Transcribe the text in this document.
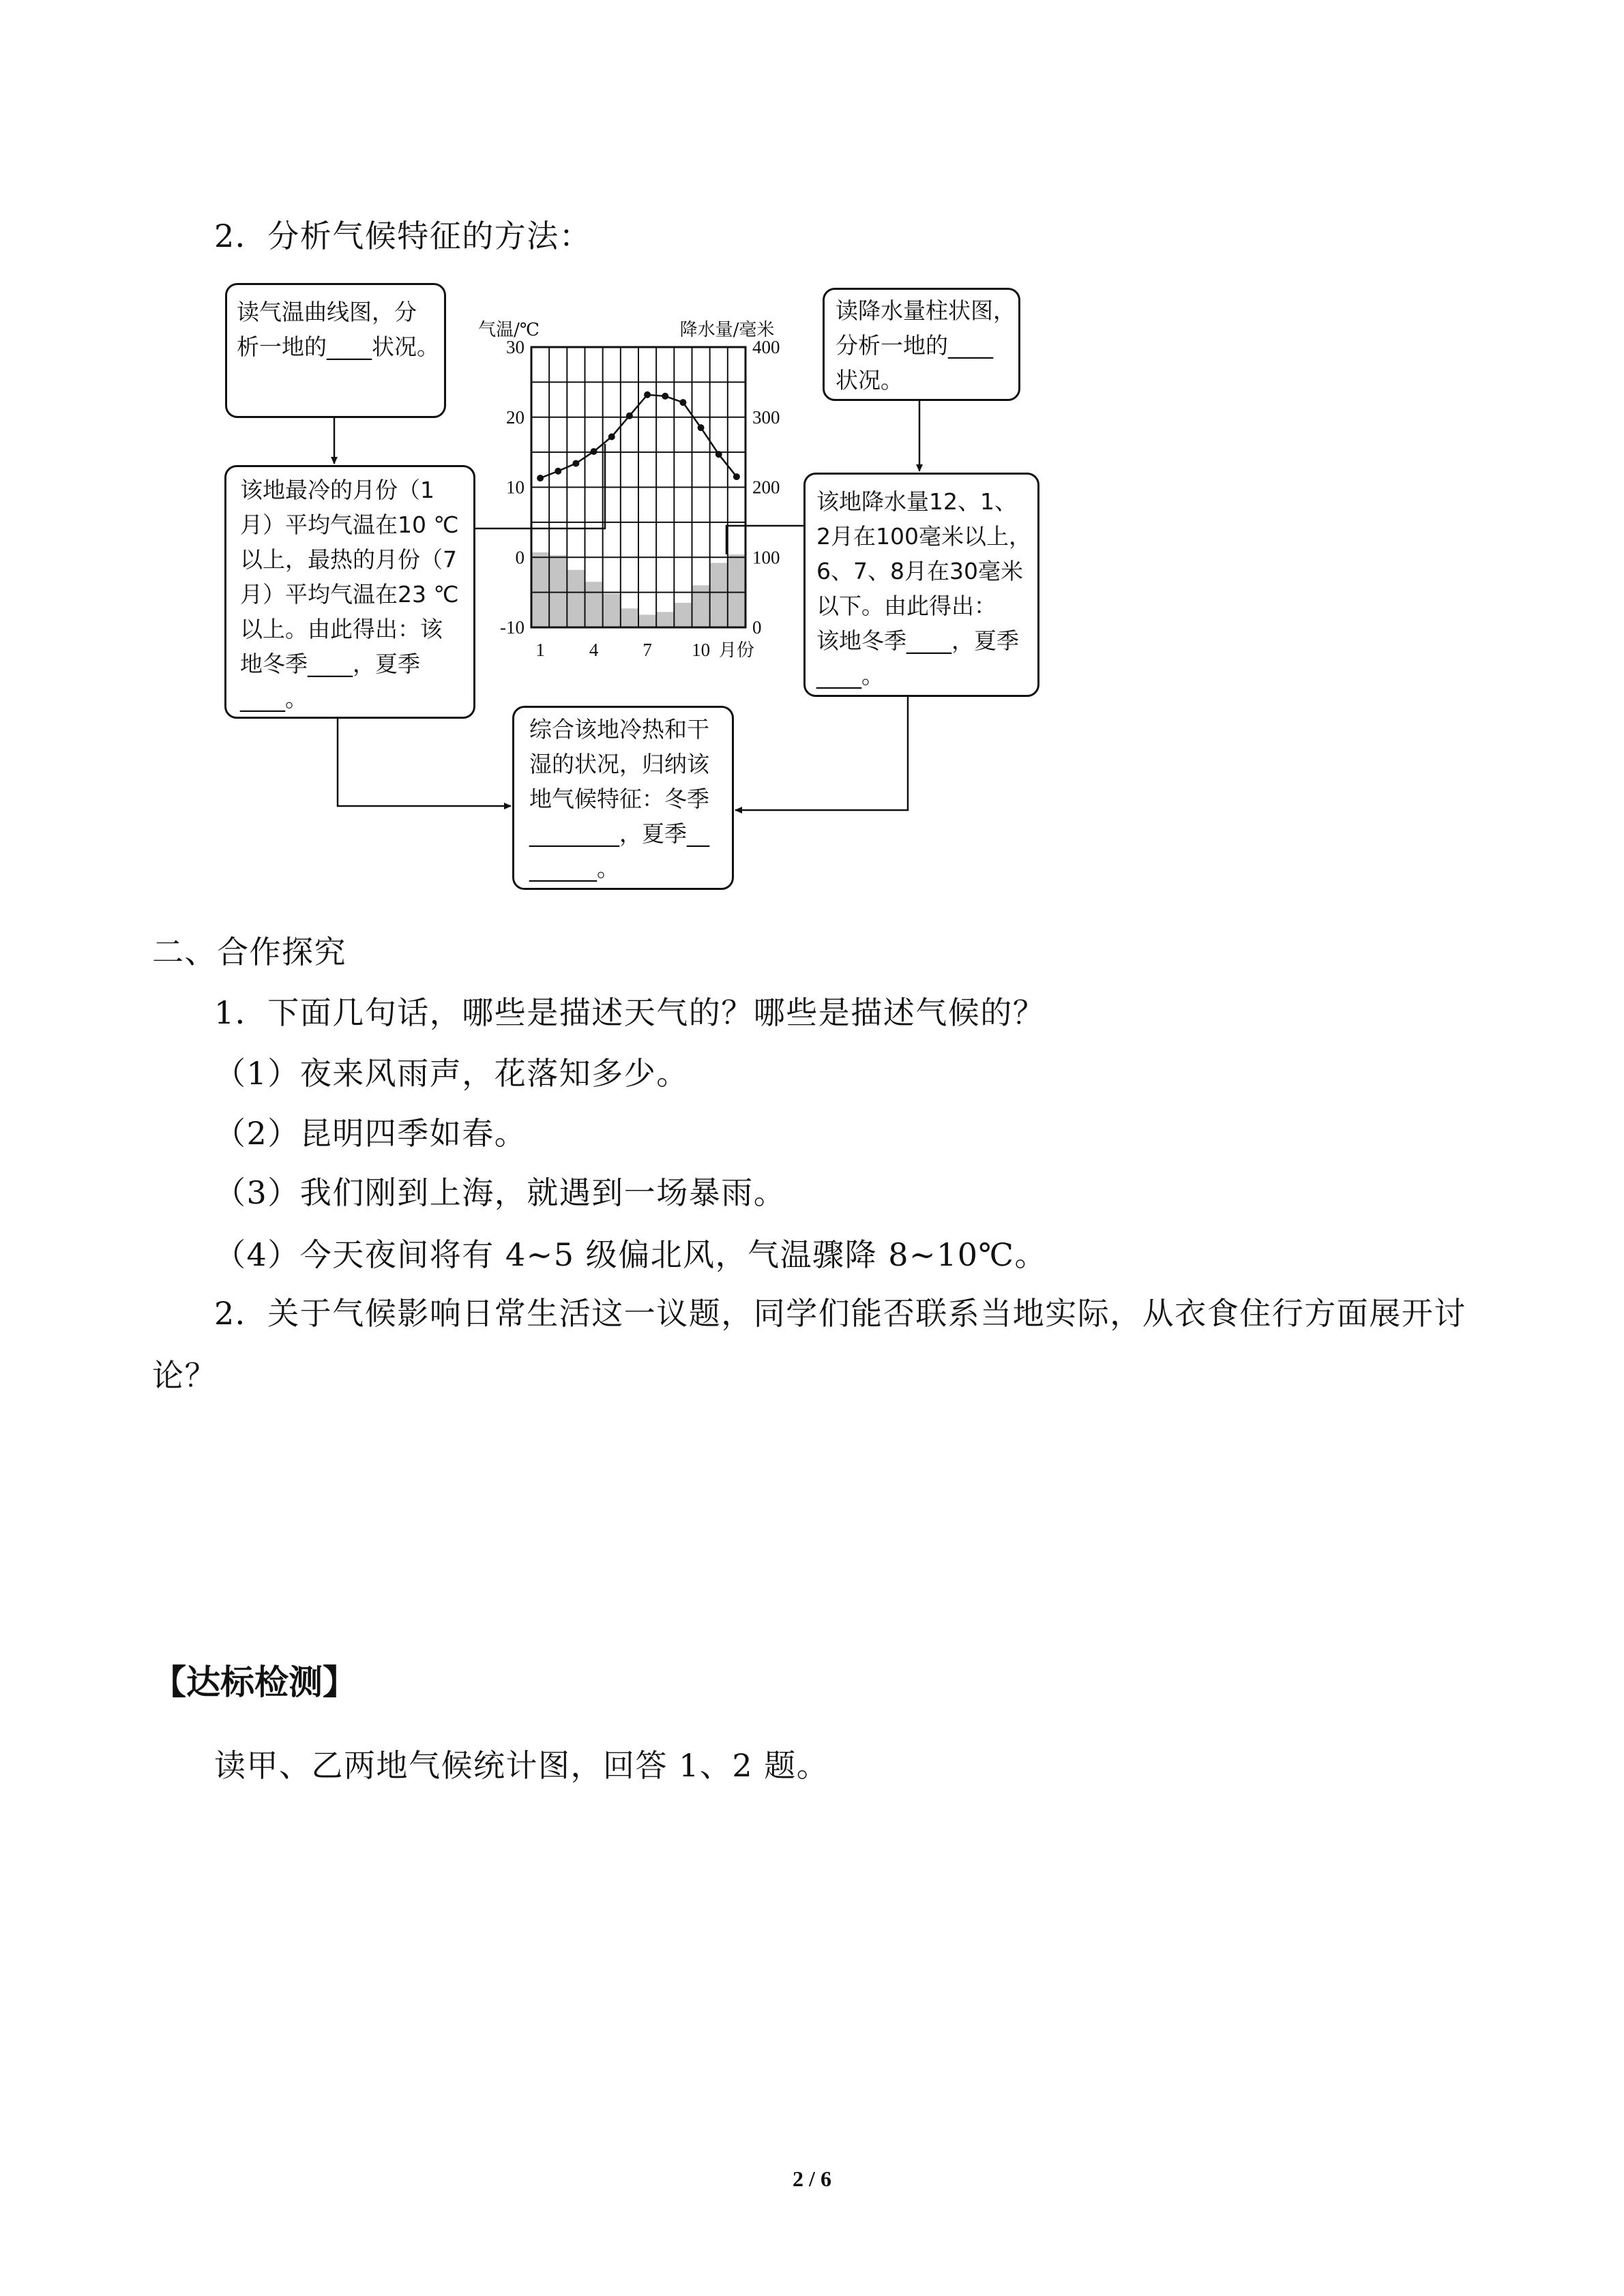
2．分析气候特征的方法：
30
20
10
0
-10
400
300
200
100
0
1 4 7 10 月份
气温/℃	降水量/毫米
读气温曲线图，分
析一地的____状况。
该地最冷的月份（1
月）平均气温在10 ℃
以上，最热的月份（7
月）平均气温在23 ℃
以上。由此得出：该
地冬季____，夏季
____。
读降水量柱状图，
分析一地的____
状况。
该地降水量12、1、
2月在100毫米以上，
6、7、8月在30毫米
以下。由此得出：
该地冬季____，夏季
____。
综合该地冷热和干
湿的状况，归纳该
地气候特征：冬季
________，夏季__
______。
二、合作探究
1．下面几句话，哪些是描述天气的？哪些是描述气候的？
（1）夜来风雨声，花落知多少。
（2）昆明四季如春。
（3）我们刚到上海，就遇到一场暴雨。
（4）今天夜间将有 4~5 级偏北风，气温骤降 8~10℃。
2．关于气候影响日常生活这一议题，同学们能否联系当地实际，从衣食住行方面展开讨
论？
【达标检测】
读甲、乙两地气候统计图，回答 1、2 题。
2 / 6
